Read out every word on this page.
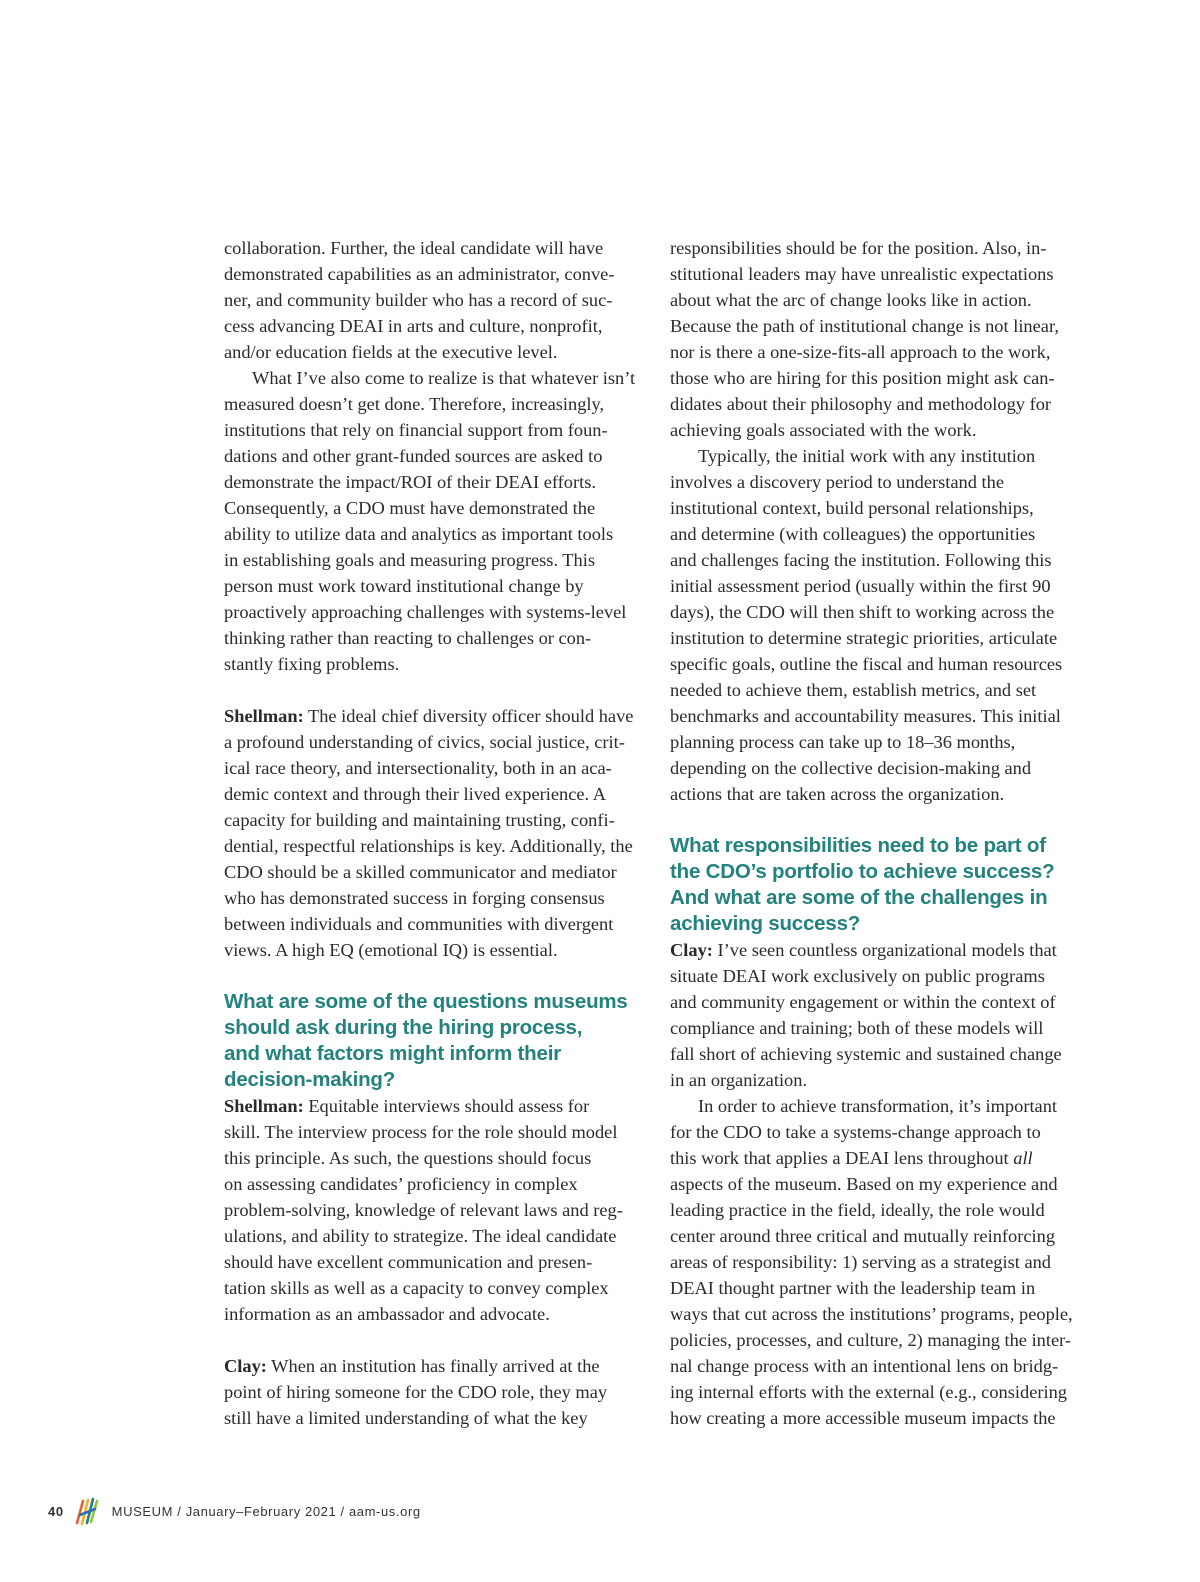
collaboration. Further, the ideal candidate will have
demonstrated capabilities as an administrator, conve-
ner, and community builder who has a record of suc-
cess advancing DEAI in arts and culture, nonprofit,
and/or education fields at the executive level.
What I’ve also come to realize is that whatever isn’t
measured doesn’t get done. Therefore, increasingly,
institutions that rely on financial support from foun-
dations and other grant-funded sources are asked to
demonstrate the impact/ROI of their DEAI efforts.
Consequently, a CDO must have demonstrated the
ability to utilize data and analytics as important tools
in establishing goals and measuring progress. This
person must work toward institutional change by
proactively approaching challenges with systems-level
thinking rather than reacting to challenges or con-
stantly fixing problems.
Shellman: The ideal chief diversity officer should have
a profound understanding of civics, social justice, crit-
ical race theory, and intersectionality, both in an aca-
demic context and through their lived experience. A
capacity for building and maintaining trusting, confi-
dential, respectful relationships is key. Additionally, the
CDO should be a skilled communicator and mediator
who has demonstrated success in forging consensus
between individuals and communities with divergent
views. A high EQ (emotional IQ) is essential.
What are some of the questions museums
should ask during the hiring process,
and what factors might inform their
decision-making?
Shellman: Equitable interviews should assess for
skill. The interview process for the role should model
this principle. As such, the questions should focus
on assessing candidates’ proficiency in complex
problem-solving, knowledge of relevant laws and reg-
ulations, and ability to strategize. The ideal candidate
should have excellent communication and presen-
tation skills as well as a capacity to convey complex
information as an ambassador and advocate.
Clay: When an institution has finally arrived at the
point of hiring someone for the CDO role, they may
still have a limited understanding of what the key
responsibilities should be for the position. Also, in-
stitutional leaders may have unrealistic expectations
about what the arc of change looks like in action.
Because the path of institutional change is not linear,
nor is there a one-size-fits-all approach to the work,
those who are hiring for this position might ask can-
didates about their philosophy and methodology for
achieving goals associated with the work.
Typically, the initial work with any institution
involves a discovery period to understand the
institutional context, build personal relationships,
and determine (with colleagues) the opportunities
and challenges facing the institution. Following this
initial assessment period (usually within the first 90
days), the CDO will then shift to working across the
institution to determine strategic priorities, articulate
specific goals, outline the fiscal and human resources
needed to achieve them, establish metrics, and set
benchmarks and accountability measures. This initial
planning process can take up to 18–36 months,
depending on the collective decision-making and
actions that are taken across the organization.
What responsibilities need to be part of
the CDO’s portfolio to achieve success?
And what are some of the challenges in
achieving success?
Clay: I’ve seen countless organizational models that
situate DEAI work exclusively on public programs
and community engagement or within the context of
compliance and training; both of these models will
fall short of achieving systemic and sustained change
in an organization.
In order to achieve transformation, it’s important
for the CDO to take a systems-change approach to
this work that applies a DEAI lens throughout all
aspects of the museum. Based on my experience and
leading practice in the field, ideally, the role would
center around three critical and mutually reinforcing
areas of responsibility: 1) serving as a strategist and
DEAI thought partner with the leadership team in
ways that cut across the institutions’ programs, people,
policies, processes, and culture, 2) managing the inter-
nal change process with an intentional lens on bridg-
ing internal efforts with the external (e.g., considering
how creating a more accessible museum impacts the
40	MUSEUM / January–February 2021 / aam-us.org
